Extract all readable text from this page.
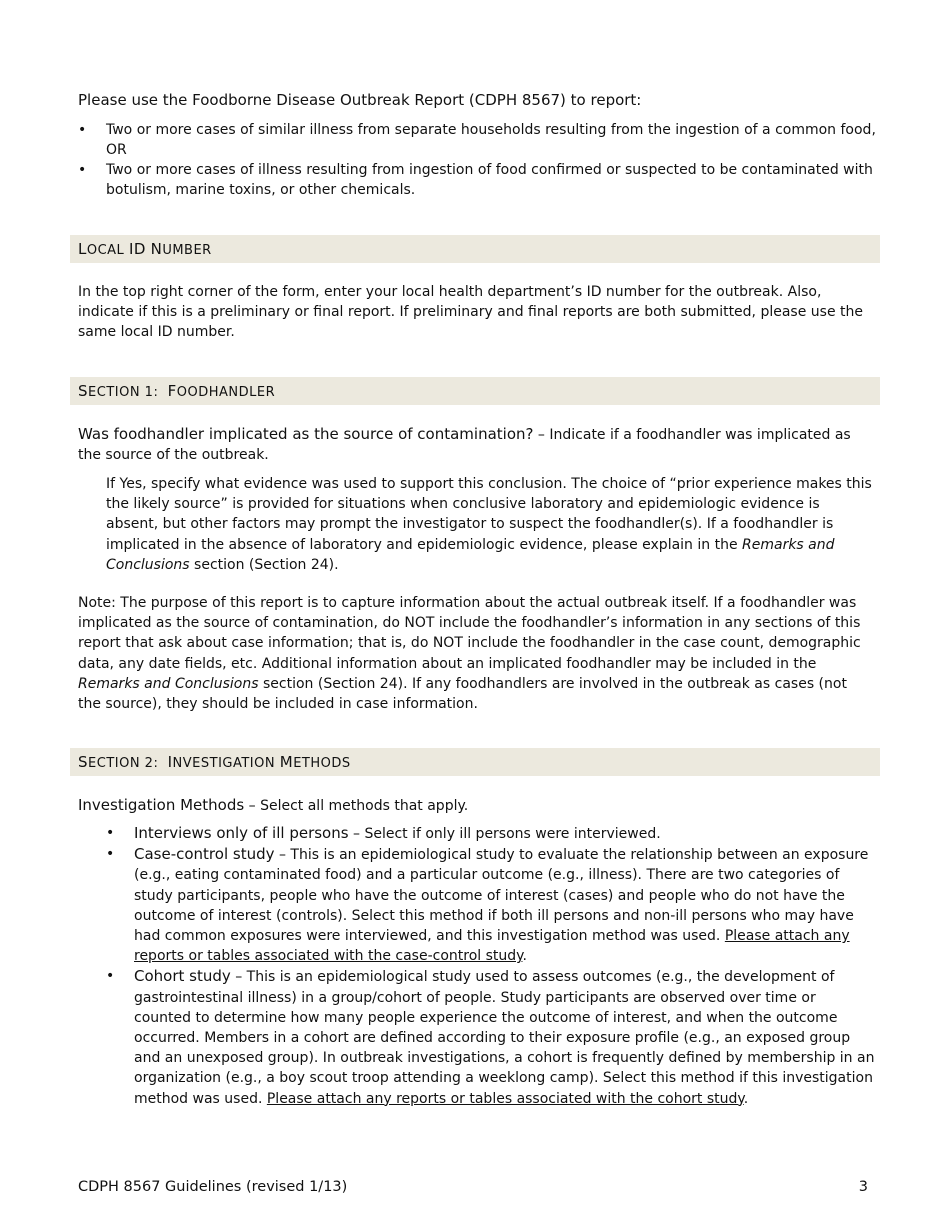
Please use the Foodborne Disease Outbreak Report (CDPH 8567) to report:

• Two or more cases of similar illness from separate households resulting from the ingestion of a common food, OR
• Two or more cases of illness resulting from ingestion of food confirmed or suspected to be contaminated with botulism, marine toxins, or other chemicals.
LOCAL ID NUMBER

In the top right corner of the form, enter your local health department’s ID number for the outbreak. Also, indicate if this is a preliminary or final report. If preliminary and final reports are both submitted, please use the same local ID number.

SECTION 1: FOODHANDLER

Was foodhandler implicated as the source of contamination? – Indicate if a foodhandler was implicated as the source of the outbreak.

If Yes, specify what evidence was used to support this conclusion. The choice of “prior experience makes this the likely source” is provided for situations when conclusive laboratory and epidemiologic evidence is absent, but other factors may prompt the investigator to suspect the foodhandler(s). If a foodhandler is implicated in the absence of laboratory and epidemiologic evidence, please explain in the Remarks and Conclusions section (Section 24).

Note: The purpose of this report is to capture information about the actual outbreak itself. If a foodhandler was implicated as the source of contamination, do NOT include the foodhandler’s information in any sections of this report that ask about case information; that is, do NOT include the foodhandler in the case count, demographic data, any date fields, etc. Additional information about an implicated foodhandler may be included in the Remarks and Conclusions section (Section 24). If any foodhandlers are involved in the outbreak as cases (not the source), they should be included in case information.

SECTION 2: INVESTIGATION METHODS

Investigation Methods – Select all methods that apply.

• Interviews only of ill persons – Select if only ill persons were interviewed.
• Case-control study – This is an epidemiological study to evaluate the relationship between an exposure (e.g., eating contaminated food) and a particular outcome (e.g., illness). There are two categories of study participants, people who have the outcome of interest (cases) and people who do not have the outcome of interest (controls). Select this method if both ill persons and non-ill persons who may have had common exposures were interviewed, and this investigation method was used. Please attach any reports or tables associated with the case-control study.
• Cohort study – This is an epidemiological study used to assess outcomes (e.g., the development of gastrointestinal illness) in a group/cohort of people. Study participants are observed over time or counted to determine how many people experience the outcome of interest, and when the outcome occurred. Members in a cohort are defined according to their exposure profile (e.g., an exposed group and an unexposed group). In outbreak investigations, a cohort is frequently defined by membership in an organization (e.g., a boy scout troop attending a weeklong camp). Select this method if this investigation method was used. Please attach any reports or tables associated with the cohort study.
CDPH 8567 Guidelines (revised 1/13)	3
